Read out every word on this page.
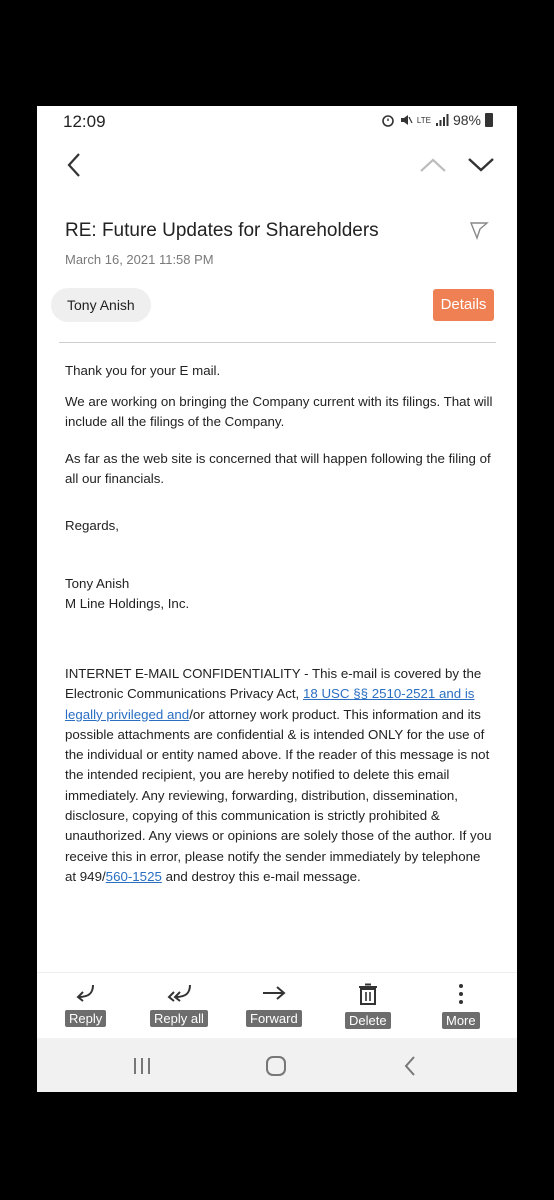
12:09	LTE 98%
RE: Future Updates for Shareholders
March 16, 2021 11:58 PM
Tony Anish	Details

Thank you for your E mail.

We are working on bringing the Company current with its filings. That will include all the filings of the Company.

As far as the web site is concerned that will happen following the filing of all our financials.

Regards,

Tony Anish

M Line Holdings, Inc.

INTERNET E-MAIL CONFIDENTIALITY - This e-mail is covered by the Electronic Communications Privacy Act, 18 USC §§ 2510-2521 and is legally privileged and/or attorney work product. This information and its possible attachments are confidential & is intended ONLY for the use of the individual or entity named above. If the reader of this message is not the intended recipient, you are hereby notified to delete this email immediately. Any reviewing, forwarding, distribution, dissemination, disclosure, copying of this communication is strictly prohibited & unauthorized. Any views or opinions are solely those of the author. If you receive this in error, please notify the sender immediately by telephone at 949/560-1525 and destroy this e-mail message.

Reply	Reply all	Forward	Delete	More
